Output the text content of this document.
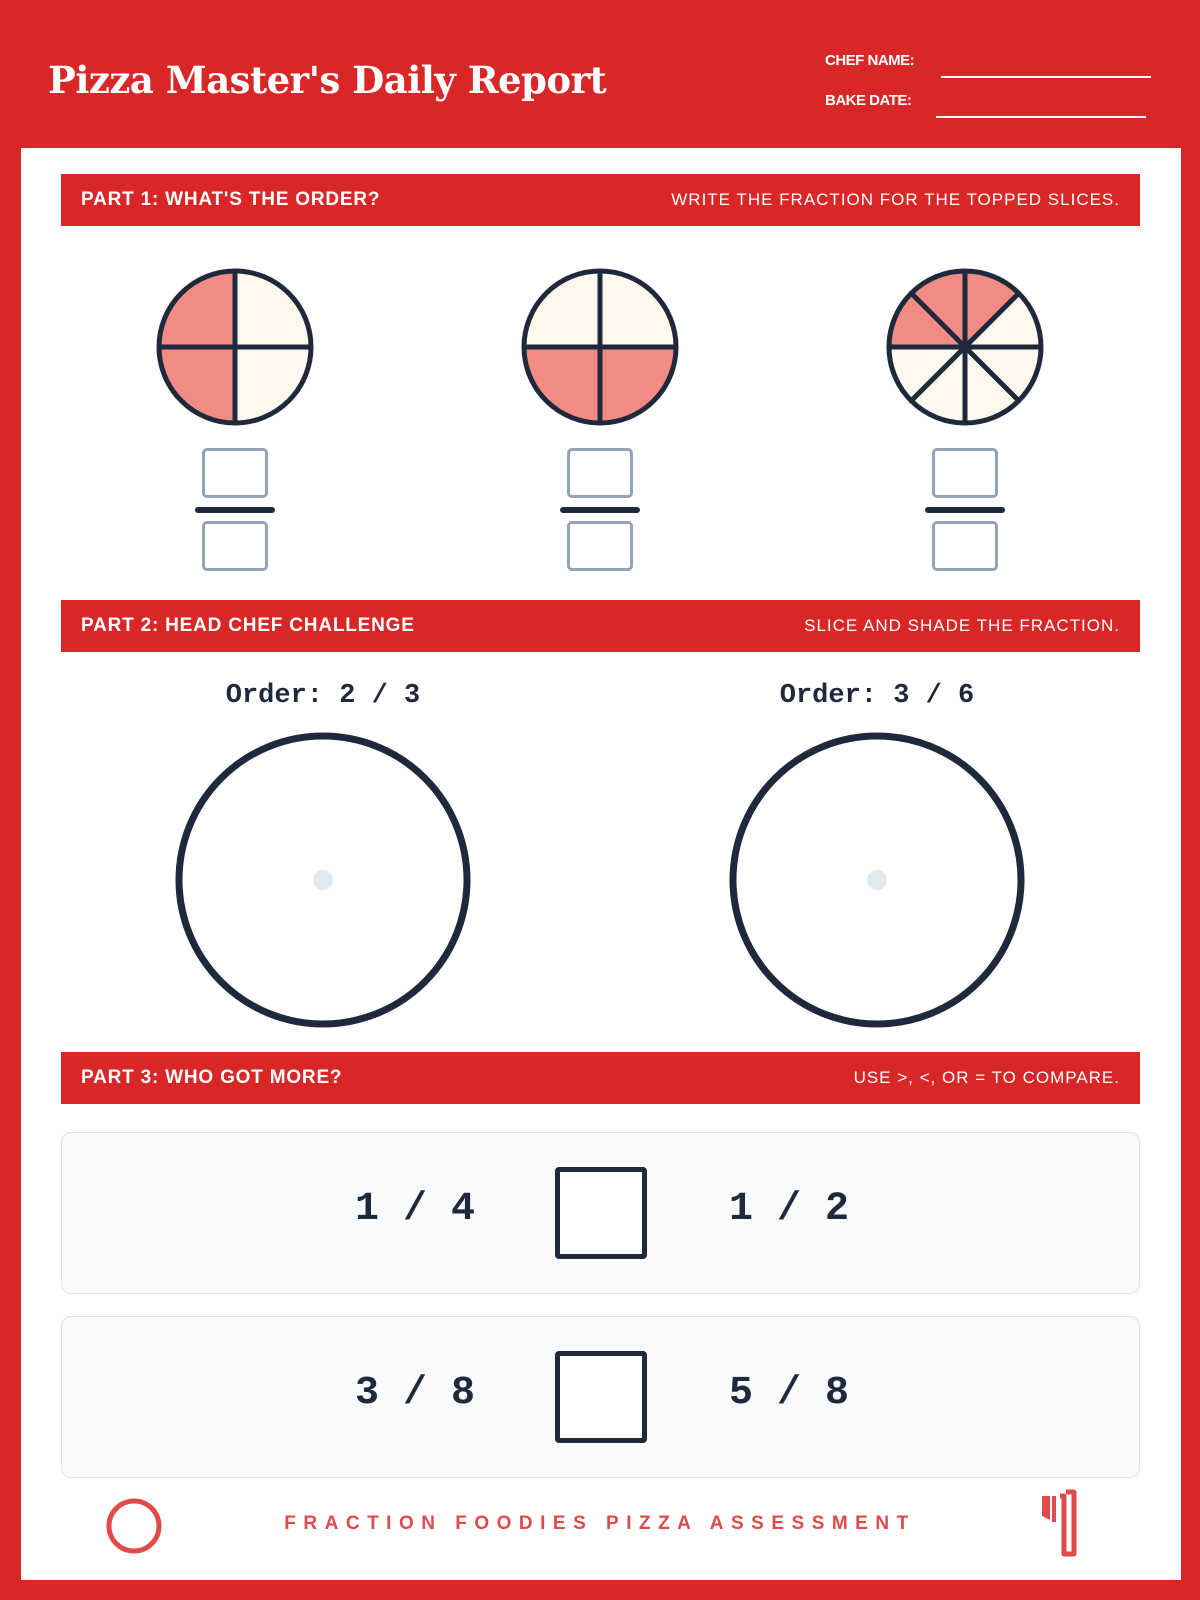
Pizza Master's Daily Report	CHEF NAME:
BAKE DATE:
PART 1: WHAT'S THE ORDER?	WRITE THE FRACTION FOR THE TOPPED SLICES.
PART 2: HEAD CHEF CHALLENGE	SLICE AND SHADE THE FRACTION.
Order: 2 / 3	Order: 3 / 6
PART 3: WHO GOT MORE?	USE >, <, OR = TO COMPARE.
1 / 4	1 / 2
3 / 8	5 / 8
FRACTION FOODIES PIZZA ASSESSMENT
